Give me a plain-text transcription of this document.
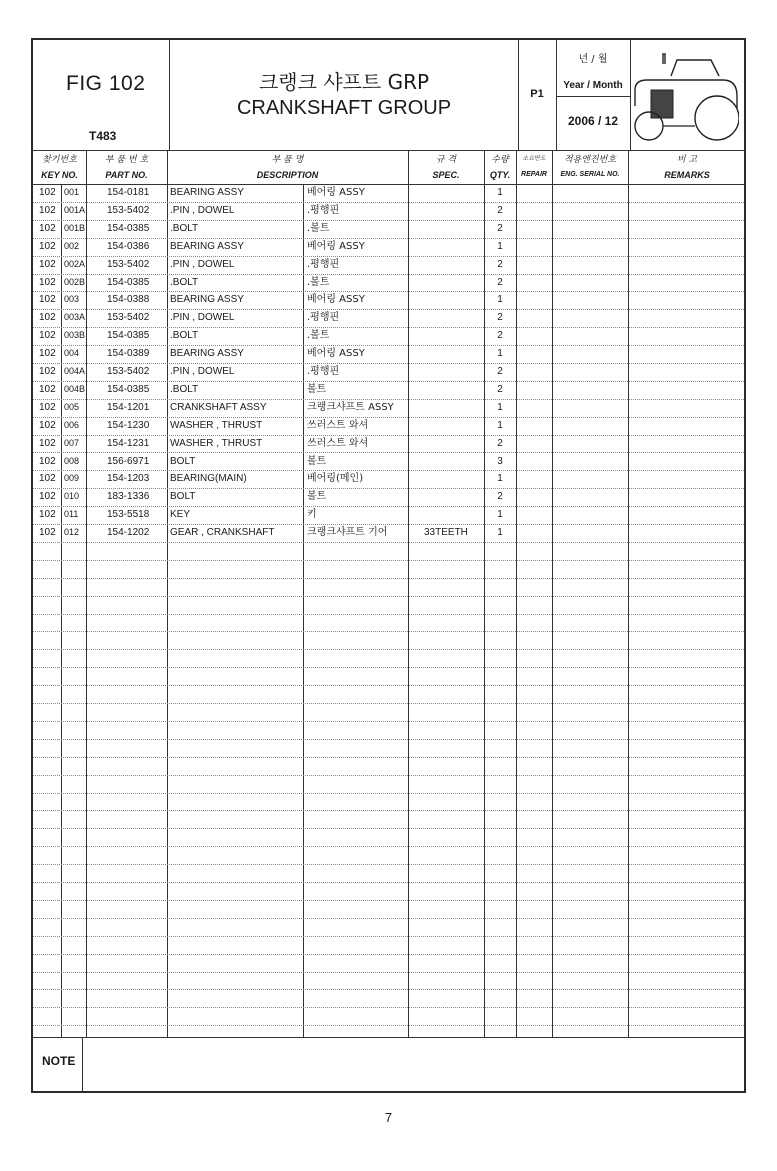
FIG 102
T483
크랭크 샤프트 GRP
CRANKSHAFT GROUP
P1
년 / 월
Year / Month
2006 / 12
찾기번호
KEY NO.
부 품 번 호
PART NO.
부 품 명
DESCRIPTION
규 격
SPEC.
수량
QTY.
소요반도
REPAIR
적용엔진번호
ENG. SERIAL NO.
비 고
REMARKS
102 001	154-0181 BEARING ASSY	베어링 ASSY	1
102 001A 153-5402 .PIN , DOWEL	.평행핀	2
102 001B 154-0385 .BOLT	.볼트	2
102 002	154-0386 BEARING ASSY	베어링 ASSY	1
102 002A 153-5402 .PIN , DOWEL	.평행핀	2
102 002B 154-0385 .BOLT	.볼트	2
102 003	154-0388 BEARING ASSY	베어링 ASSY	1
102 003A 153-5402 .PIN , DOWEL	.평행핀	2
102 003B 154-0385 .BOLT	.볼트	2
102 004	154-0389 BEARING ASSY	베어링 ASSY	1
102 004A 153-5402 .PIN , DOWEL	.평행핀	2
102 004B 154-0385 .BOLT	볼트	2
102 005	154-1201 CRANKSHAFT ASSY	크랭크샤프트 ASSY	1
102 006	154-1230 WASHER , THRUST	쓰러스트 와셔	1
102 007	154-1231 WASHER , THRUST	쓰러스트 와셔	2
102 008	156-6971 BOLT	볼트	3
102 009	154-1203 BEARING(MAIN)	베어링(메인)	1
102 010	183-1336 BOLT	볼트	2
102 011	153-5518 KEY	키	1
102 012	154-1202 GEAR , CRANKSHAFT	크랭크샤프트 기어	33TEETH	1
NOTE
7
